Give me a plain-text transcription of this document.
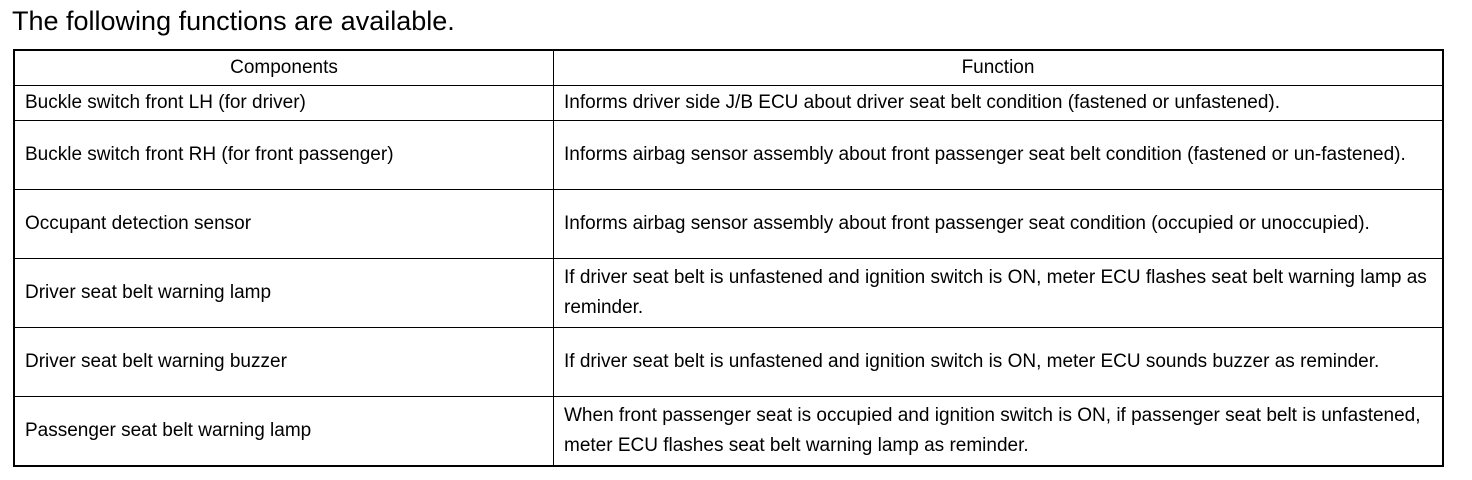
The following functions are available.
Components	Function
Buckle switch front LH (for driver)	Informs driver side J/B ECU about driver seat belt condition (fastened or unfastened).
Buckle switch front RH (for front passenger)	Informs airbag sensor assembly about front passenger seat belt condition (fastened or un-fastened).
Occupant detection sensor	Informs airbag sensor assembly about front passenger seat condition (occupied or unoccupied).
Driver seat belt warning lamp	If driver seat belt is unfastened and ignition switch is ON, meter ECU flashes seat belt warning lamp as reminder.
Driver seat belt warning buzzer	If driver seat belt is unfastened and ignition switch is ON, meter ECU sounds buzzer as reminder.
Passenger seat belt warning lamp	When front passenger seat is occupied and ignition switch is ON, if passenger seat belt is unfastened, meter ECU flashes seat belt warning lamp as reminder.
